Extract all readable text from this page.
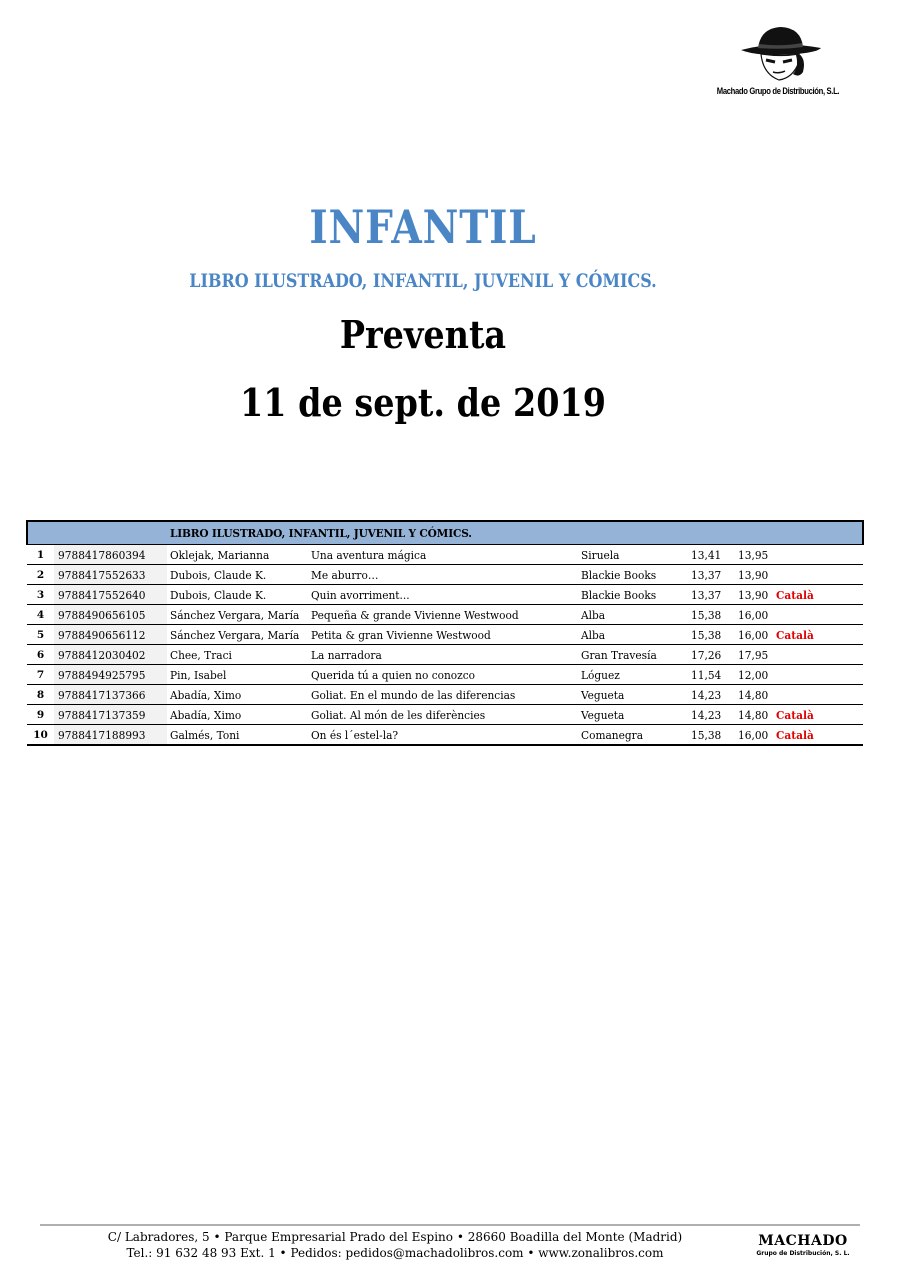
Machado Grupo de Distribución, S.L.
INFANTIL
LIBRO ILUSTRADO, INFANTIL, JUVENIL Y CÓMICS.
Preventa
11 de sept. de 2019
		LIBRO ILUSTRADO, INFANTIL, JUVENIL Y CÓMICS.						
1	9788417860394	Oklejak, Marianna	Una aventura mágica	Siruela	13,41	13,95		
2	9788417552633	Dubois, Claude K.	Me aburro…	Blackie Books	13,37	13,90		
3	9788417552640	Dubois, Claude K.	Quin avorriment...	Blackie Books	13,37	13,90	Català	
4	9788490656105	Sánchez Vergara, María	Pequeña & grande Vivienne Westwood	Alba	15,38	16,00		
5	9788490656112	Sánchez Vergara, María	Petita & gran Vivienne Westwood	Alba	15,38	16,00	Català	
6	9788412030402	Chee, Traci	La narradora	Gran Travesía	17,26	17,95		
7	9788494925795	Pin, Isabel	Querida tú a quien no conozco	Lóguez	11,54	12,00		
8	9788417137366	Abadía, Ximo	Goliat. En el mundo de las diferencias	Vegueta	14,23	14,80		
9	9788417137359	Abadía, Ximo	Goliat. Al món de les diferències	Vegueta	14,23	14,80	Català	
10	9788417188993	Galmés, Toni	On és l´estel-la?	Comanegra	15,38	16,00	Català	
C/ Labradores, 5 • Parque Empresarial Prado del Espino • 28660 Boadilla del Monte (Madrid)
Tel.: 91 632 48 93 Ext. 1 • Pedidos: pedidos@machadolibros.com • www.zonalibros.com
MACHADO
Grupo de Distribución, S. L.
